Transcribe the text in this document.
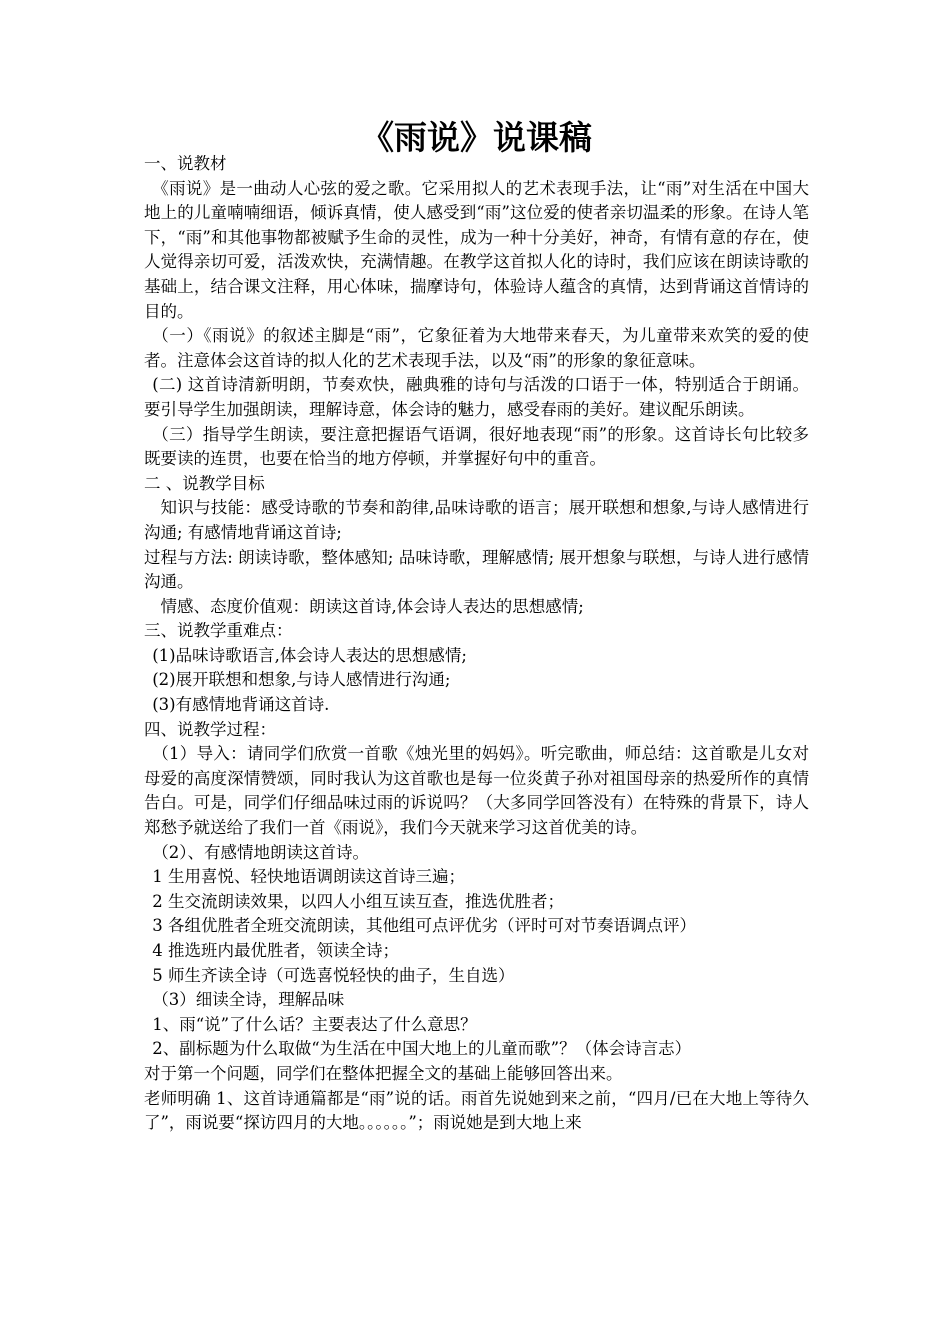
《雨说》说课稿

一、说教材

《雨说》是一曲动人心弦的爱之歌。它采用拟人的艺术表现手法，让“雨”对生活在中国大地上的儿童喃喃细语，倾诉真情，使人感受到“雨”这位爱的使者亲切温柔的形象。在诗人笔下，“雨”和其他事物都被赋予生命的灵性，成为一种十分美好，神奇，有情有意的存在，使人觉得亲切可爱，活泼欢快，充满情趣。在教学这首拟人化的诗时，我们应该在朗读诗歌的基础上，结合课文注释，用心体味，揣摩诗句，体验诗人蕴含的真情，达到背诵这首情诗的目的。

（一）《雨说》的叙述主脚是“雨”，它象征着为大地带来春天，为儿童带来欢笑的爱的使者。注意体会这首诗的拟人化的艺术表现手法，以及“雨”的形象的象征意味。

(二) 这首诗清新明朗，节奏欢快，融典雅的诗句与活泼的口语于一体，特别适合于朗诵。要引导学生加强朗读，理解诗意，体会诗的魅力，感受春雨的美好。建议配乐朗读。

（三）指导学生朗读，要注意把握语气语调，很好地表现“雨”的形象。这首诗长句比较多既要读的连贯，也要在恰当的地方停顿，并掌握好句中的重音。

二 、说教学目标

知识与技能：感受诗歌的节奏和韵律,品味诗歌的语言；展开联想和想象,与诗人感情进行沟通; 有感情地背诵这首诗;

过程与方法: 朗读诗歌，整体感知; 品味诗歌，理解感情; 展开想象与联想，与诗人进行感情沟通。

情感、态度价值观：朗读这首诗,体会诗人表达的思想感情;

三、说教学重难点：

(1)品味诗歌语言,体会诗人表达的思想感情;

(2)展开联想和想象,与诗人感情进行沟通;

(3)有感情地背诵这首诗.

四、说教学过程：

（1）导入：请同学们欣赏一首歌《烛光里的妈妈》。听完歌曲，师总结：这首歌是儿女对母爱的高度深情赞颂，同时我认为这首歌也是每一位炎黄子孙对祖国母亲的热爱所作的真情告白。可是，同学们仔细品味过雨的诉说吗？（大多同学回答没有）在特殊的背景下，诗人郑愁予就送给了我们一首《雨说》，我们今天就来学习这首优美的诗。

（2）、有感情地朗读这首诗。

1 生用喜悦、轻快地语调朗读这首诗三遍；

2 生交流朗读效果，以四人小组互读互查，推选优胜者；

3 各组优胜者全班交流朗读，其他组可点评优劣（评时可对节奏语调点评）

4 推选班内最优胜者，领读全诗；

5 师生齐读全诗（可选喜悦轻快的曲子，生自选）

（3）细读全诗，理解品味

1、雨“说”了什么话？主要表达了什么意思？

2、副标题为什么取做“为生活在中国大地上的儿童而歌”？（体会诗言志）

对于第一个问题，同学们在整体把握全文的基础上能够回答出来。

老师明确 1、这首诗通篇都是“雨”说的话。雨首先说她到来之前，“四月/已在大地上等待久了”，雨说要“探访四月的大地。。。。。。”；雨说她是到大地上来
